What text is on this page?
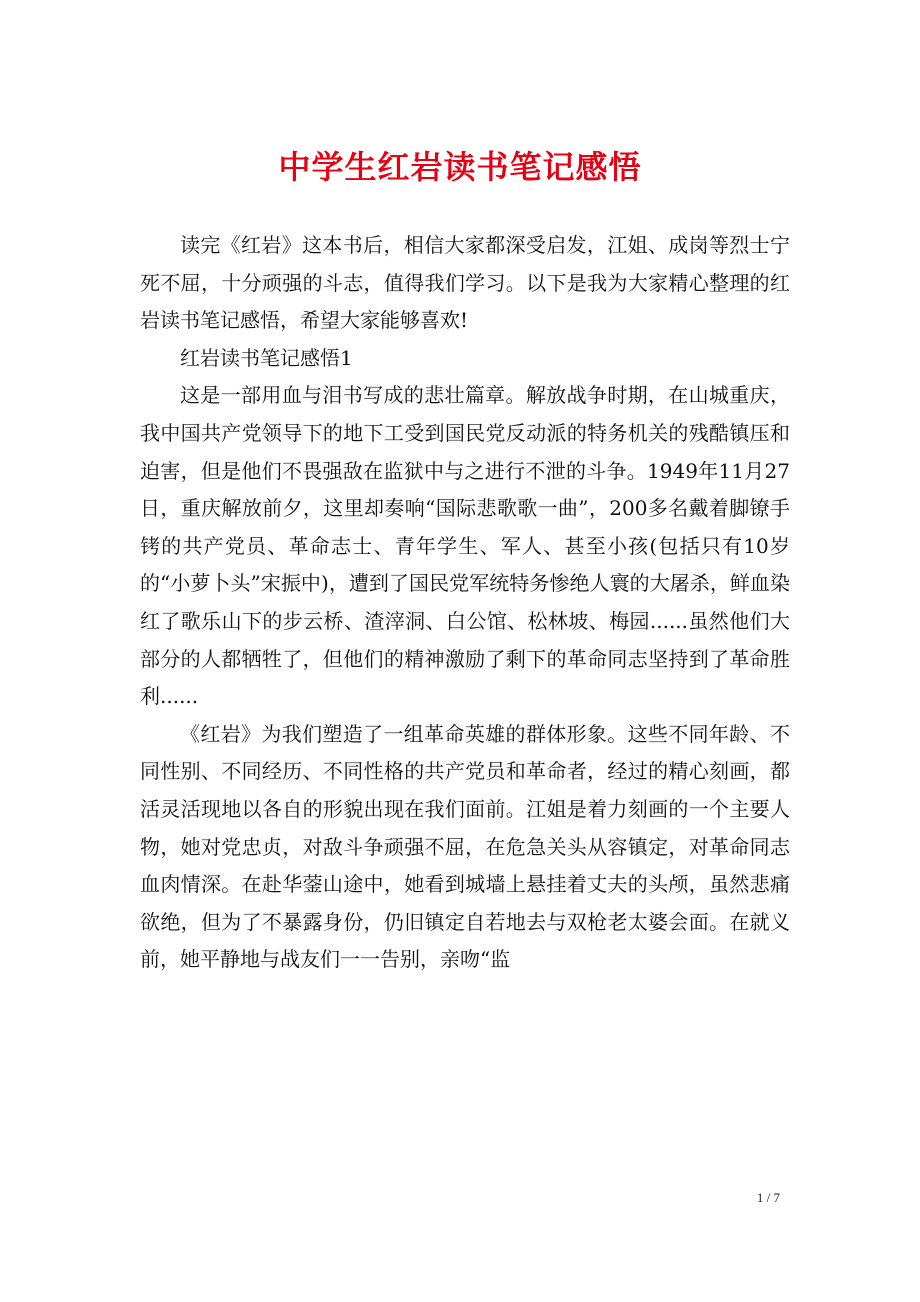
中学生红岩读书笔记感悟

读完《红岩》这本书后，相信大家都深受启发，江姐、成岗等烈士宁死不屈，十分顽强的斗志，值得我们学习。以下是我为大家精心整理的红岩读书笔记感悟，希望大家能够喜欢!

红岩读书笔记感悟1

这是一部用血与泪书写成的悲壮篇章。解放战争时期，在山城重庆，我中国共产党领导下的地下工受到国民党反动派的特务机关的残酷镇压和迫害，但是他们不畏强敌在监狱中与之进行不泄的斗争。1949年11月27日，重庆解放前夕，这里却奏响“国际悲歌歌一曲”，200多名戴着脚镣手铐的共产党员、革命志士、青年学生、军人、甚至小孩(包括只有10岁的“小萝卜头”宋振中)，遭到了国民党军统特务惨绝人寰的大屠杀，鲜血染红了歌乐山下的步云桥、渣滓洞、白公馆、松林坡、梅园......虽然他们大部分的人都牺牲了，但他们的精神激励了剩下的革命同志坚持到了革命胜利......

《红岩》为我们塑造了一组革命英雄的群体形象。这些不同年龄、不同性别、不同经历、不同性格的共产党员和革命者，经过的精心刻画，都活灵活现地以各自的形貌出现在我们面前。江姐是着力刻画的一个主要人物，她对党忠贞，对敌斗争顽强不屈，在危急关头从容镇定，对革命同志血肉情深。在赴华蓥山途中，她看到城墙上悬挂着丈夫的头颅，虽然悲痛欲绝，但为了不暴露身份，仍旧镇定自若地去与双枪老太婆会面。在就义前，她平静地与战友们一一告别，亲吻“监

1 / 7
